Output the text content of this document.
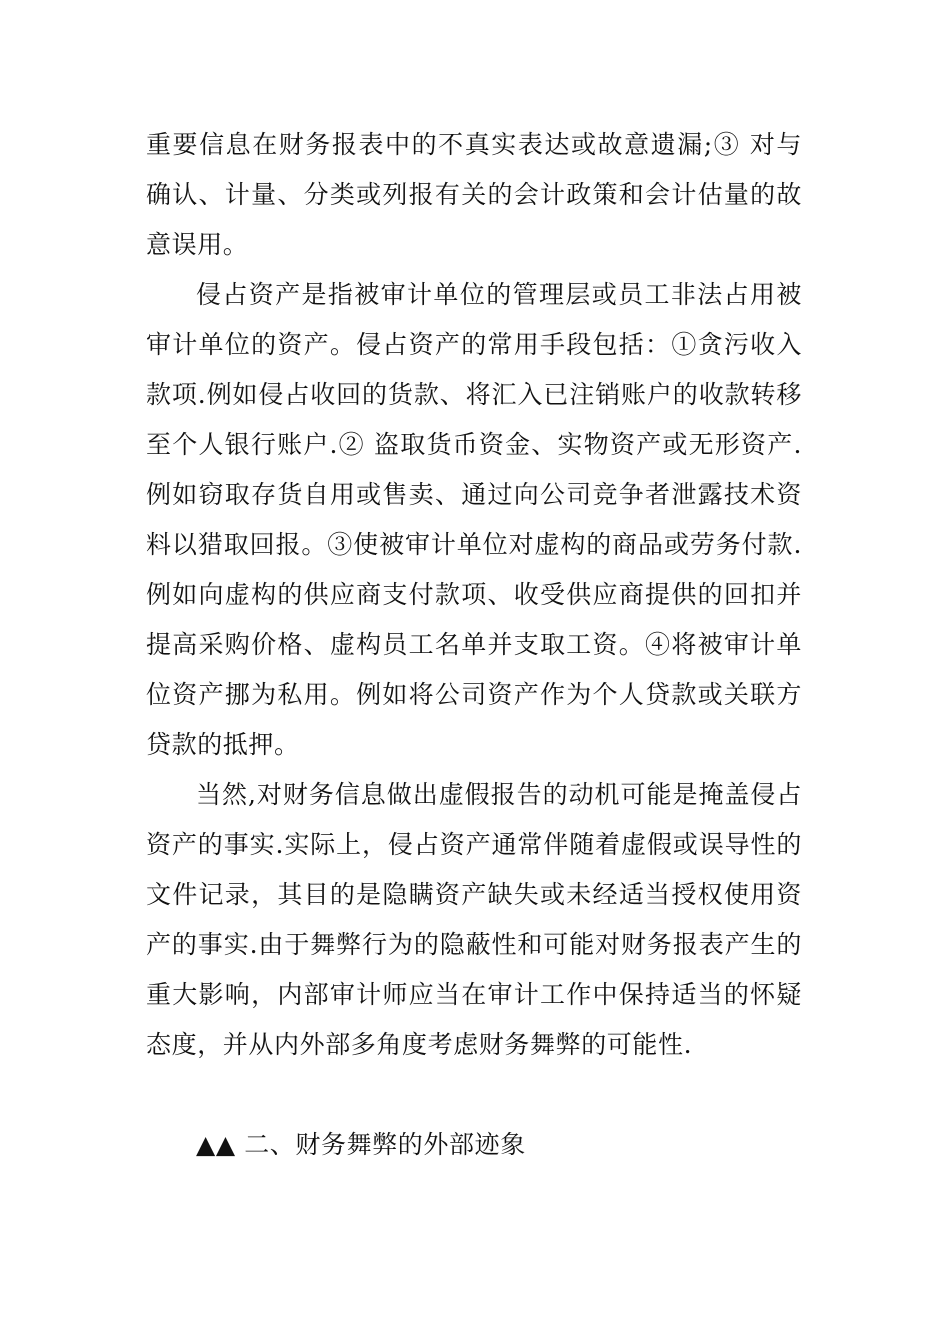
重要信息在财务报表中的不真实表达或故意遗漏;③ 对与确认、计量、分类或列报有关的会计政策和会计估量的故意误用。

侵占资产是指被审计单位的管理层或员工非法占用被审计单位的资产。侵占资产的常用手段包括：①贪污收入款项.例如侵占收回的货款、将汇入已注销账户的收款转移至个人银行账户.② 盗取货币资金、实物资产或无形资产.例如窃取存货自用或售卖、通过向公司竞争者泄露技术资料以猎取回报。③使被审计单位对虚构的商品或劳务付款.例如向虚构的供应商支付款项、收受供应商提供的回扣并提高采购价格、虚构员工名单并支取工资。④将被审计单位资产挪为私用。例如将公司资产作为个人贷款或关联方贷款的抵押。

当然,对财务信息做出虚假报告的动机可能是掩盖侵占资产的事实.实际上，侵占资产通常伴随着虚假或误导性的文件记录，其目的是隐瞒资产缺失或未经适当授权使用资产的事实.由于舞弊行为的隐蔽性和可能对财务报表产生的重大影响，内部审计师应当在审计工作中保持适当的怀疑态度，并从内外部多角度考虑财务舞弊的可能性.

▲▲ 二、财务舞弊的外部迹象
